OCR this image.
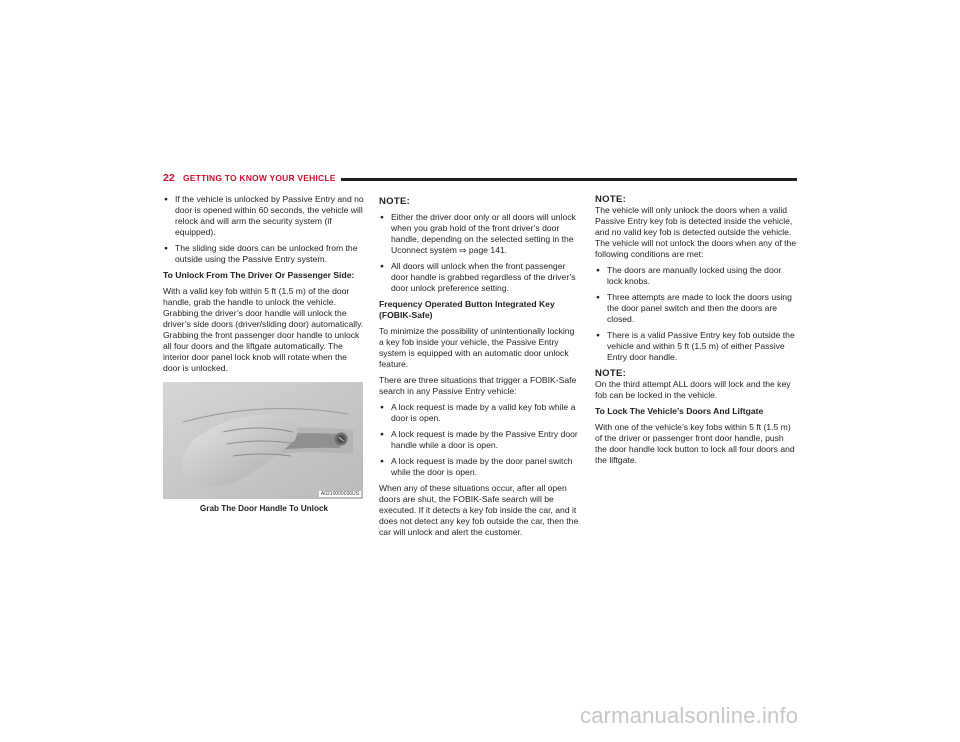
22 GETTING TO KNOW YOUR VEHICLE
● If the vehicle is unlocked by Passive Entry and no door is opened within 60 seconds, the vehicle will relock and will arm the security system (if equipped).
● The sliding side doors can be unlocked from the outside using the Passive Entry system.

To Unlock From The Driver Or Passenger Side:

With a valid key fob within 5 ft (1.5 m) of the door handle, grab the handle to unlock the vehicle. Grabbing the driver’s door handle will unlock the driver’s side doors (driver/sliding door) automatically. Grabbing the front passenger door handle to unlock all four doors and the liftgate automatically. The interior door panel lock knob will rotate when the door is unlocked.

A0210000036US
Grab The Door Handle To Unlock

NOTE:

● Either the driver door only or all doors will unlock when you grab hold of the front driver’s door handle, depending on the selected setting in the Uconnect system ⇨ page 141.
● All doors will unlock when the front passenger door handle is grabbed regardless of the driver’s door unlock preference setting.

Frequency Operated Button Integrated Key (FOBIK-Safe)

To minimize the possibility of unintentionally locking a key fob inside your vehicle, the Passive Entry system is equipped with an automatic door unlock feature.

There are three situations that trigger a FOBIK-Safe search in any Passive Entry vehicle:

● A lock request is made by a valid key fob while a door is open.
● A lock request is made by the Passive Entry door handle while a door is open.
● A lock request is made by the door panel switch while the door is open.

When any of these situations occur, after all open doors are shut, the FOBIK-Safe search will be executed. If it detects a key fob inside the car, and it does not detect any key fob outside the car, then the car will unlock and alert the customer.

NOTE:

The vehicle will only unlock the doors when a valid Passive Entry key fob is detected inside the vehicle, and no valid key fob is detected outside the vehicle. The vehicle will not unlock the doors when any of the following conditions are met:

● The doors are manually locked using the door lock knobs.
● Three attempts are made to lock the doors using the door panel switch and then the doors are closed.
● There is a valid Passive Entry key fob outside the vehicle and within 5 ft (1.5 m) of either Passive Entry door handle.

NOTE:

On the third attempt ALL doors will lock and the key fob can be locked in the vehicle.

To Lock The Vehicle’s Doors And Liftgate

With one of the vehicle’s key fobs within 5 ft (1.5 m) of the driver or passenger front door handle, push the door handle lock button to lock all four doors and the liftgate.

carmanualsonline.info
